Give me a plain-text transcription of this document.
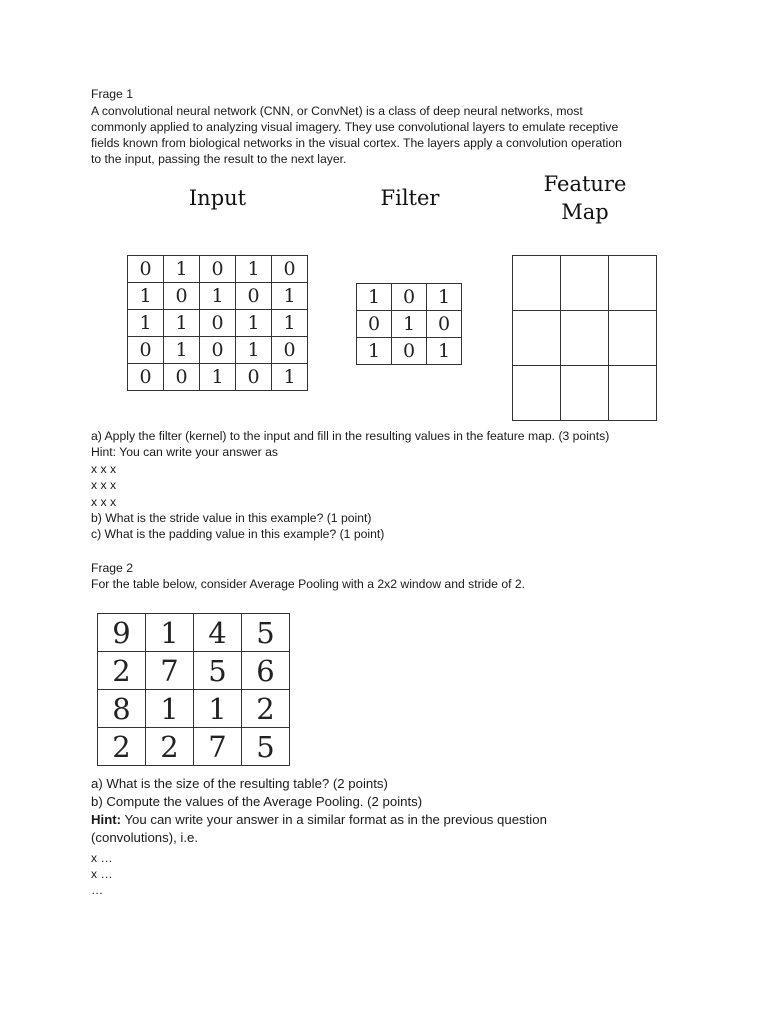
Frage 1
A convolutional neural network (CNN, or ConvNet) is a class of deep neural networks, most
commonly applied to analyzing visual imagery. They use convolutional layers to emulate receptive
fields known from biological networks in the visual cortex. The layers apply a convolution operation
to the input, passing the result to the next layer.
Input	Filter
Feature
Map
0	1	0	1	0
1	0	1	0	1
1	1	0	1	1
0	1	0	1	0
0	0	1	0	1
1	0	1
0	1	0
1	0	1

a) Apply the filter (kernel) to the input and fill in the resulting values in the feature map. (3 points)
Hint: You can write your answer as
x x x
x x x
x x x
b) What is the stride value in this example? (1 point)
c) What is the padding value in this example? (1 point)
Frage 2
For the table below, consider Average Pooling with a 2x2 window and stride of 2.
9	1	4	5
2	7	5	6
8	1	1	2
2	2	7	5
a) What is the size of the resulting table? (2 points)
b) Compute the values of the Average Pooling. (2 points)
Hint: You can write your answer in a similar format as in the previous question
(convolutions), i.e.
x …
x …
…
